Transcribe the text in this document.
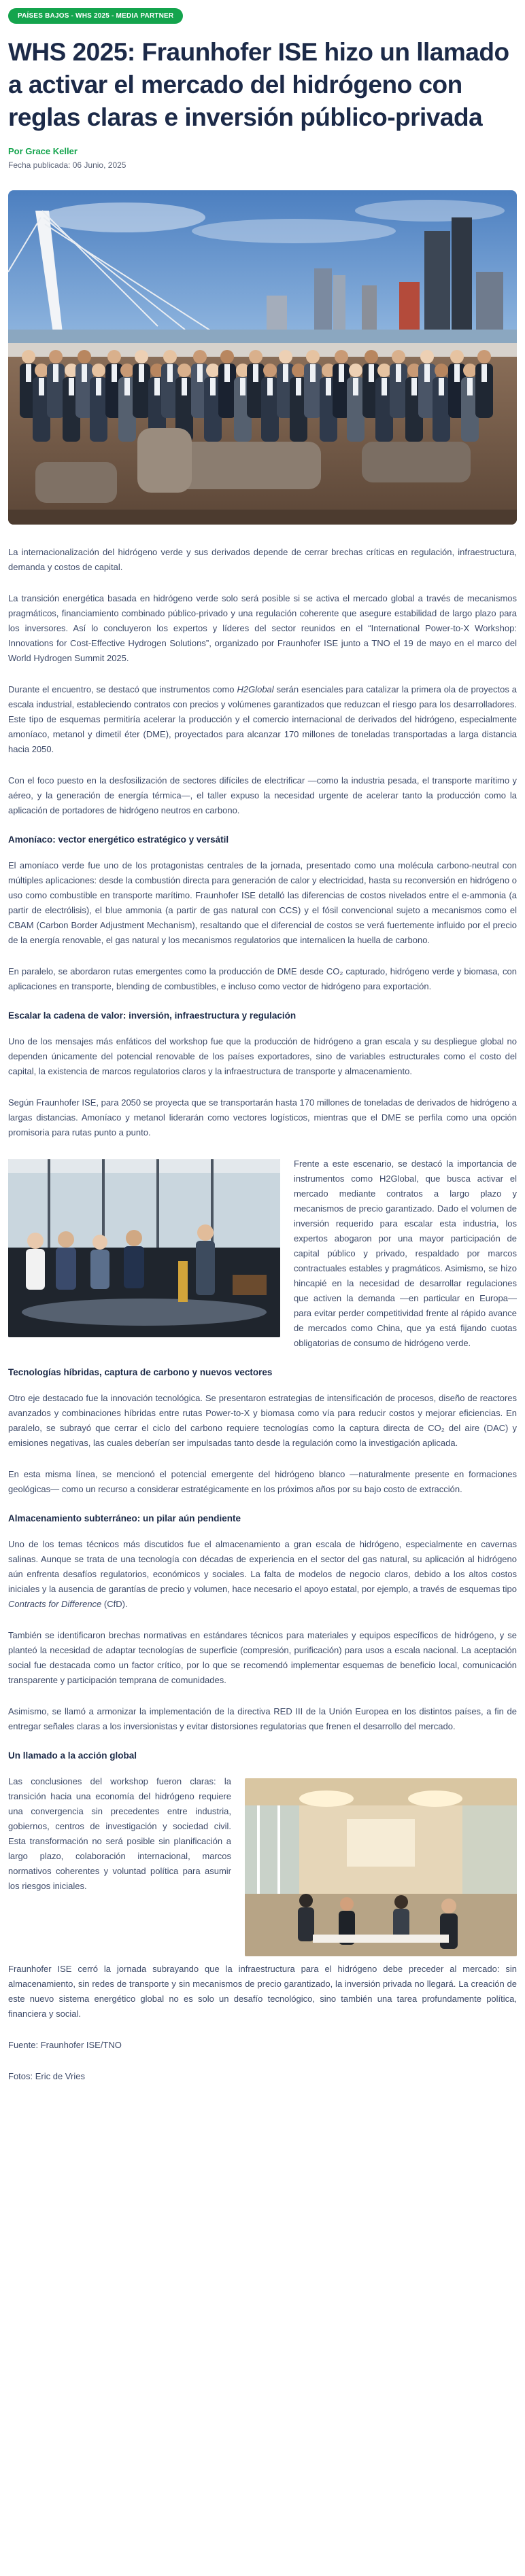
PAÍSES BAJOS - WHS 2025 - MEDIA PARTNER
WHS 2025: Fraunhofer ISE hizo un llamado a activar el mercado del hidrógeno con reglas claras e inversión público-privada
Por Grace Keller
Fecha publicada: 06 Junio, 2025

La internacionalización del hidrógeno verde y sus derivados depende de cerrar brechas críticas en regulación, infraestructura, demanda y costos de capital.

La transición energética basada en hidrógeno verde solo será posible si se activa el mercado global a través de mecanismos pragmáticos, financiamiento combinado público-privado y una regulación coherente que asegure estabilidad de largo plazo para los inversores. Así lo concluyeron los expertos y líderes del sector reunidos en el “International Power-to-X Workshop: Innovations for Cost-Effective Hydrogen Solutions”, organizado por Fraunhofer ISE junto a TNO el 19 de mayo en el marco del World Hydrogen Summit 2025.

Durante el encuentro, se destacó que instrumentos como H2Global serán esenciales para catalizar la primera ola de proyectos a escala industrial, estableciendo contratos con precios y volúmenes garantizados que reduzcan el riesgo para los desarrolladores. Este tipo de esquemas permitiría acelerar la producción y el comercio internacional de derivados del hidrógeno, especialmente amoníaco, metanol y dimetil éter (DME), proyectados para alcanzar 170 millones de toneladas transportadas a larga distancia hacia 2050.

Con el foco puesto en la desfosilización de sectores difíciles de electrificar —como la industria pesada, el transporte marítimo y aéreo, y la generación de energía térmica—, el taller expuso la necesidad urgente de acelerar tanto la producción como la aplicación de portadores de hidrógeno neutros en carbono.

Amoníaco: vector energético estratégico y versátil

El amoníaco verde fue uno de los protagonistas centrales de la jornada, presentado como una molécula carbono-neutral con múltiples aplicaciones: desde la combustión directa para generación de calor y electricidad, hasta su reconversión en hidrógeno o uso como combustible en transporte marítimo. Fraunhofer ISE detalló las diferencias de costos nivelados entre el e-ammonia (a partir de electrólisis), el blue ammonia (a partir de gas natural con CCS) y el fósil convencional sujeto a mecanismos como el CBAM (Carbon Border Adjustment Mechanism), resaltando que el diferencial de costos se verá fuertemente influido por el precio de la energía renovable, el gas natural y los mecanismos regulatorios que internalicen la huella de carbono.

En paralelo, se abordaron rutas emergentes como la producción de DME desde CO₂ capturado, hidrógeno verde y biomasa, con aplicaciones en transporte, blending de combustibles, e incluso como vector de hidrógeno para exportación.

Escalar la cadena de valor: inversión, infraestructura y regulación

Uno de los mensajes más enfáticos del workshop fue que la producción de hidrógeno a gran escala y su despliegue global no dependen únicamente del potencial renovable de los países exportadores, sino de variables estructurales como el costo del capital, la existencia de marcos regulatorios claros y la infraestructura de transporte y almacenamiento.

Según Fraunhofer ISE, para 2050 se proyecta que se transportarán hasta 170 millones de toneladas de derivados de hidrógeno a largas distancias. Amoníaco y metanol liderarán como vectores logísticos, mientras que el DME se perfila como una opción promisoria para rutas punto a punto.

Frente a este escenario, se destacó la importancia de instrumentos como H2Global, que busca activar el mercado mediante contratos a largo plazo y mecanismos de precio garantizado. Dado el volumen de inversión requerido para escalar esta industria, los expertos abogaron por una mayor participación de capital público y privado, respaldado por marcos contractuales estables y pragmáticos. Asimismo, se hizo hincapié en la necesidad de desarrollar regulaciones que activen la demanda —en particular en Europa— para evitar perder competitividad frente al rápido avance de mercados como China, que ya está fijando cuotas obligatorias de consumo de hidrógeno verde.

Tecnologías híbridas, captura de carbono y nuevos vectores

Otro eje destacado fue la innovación tecnológica. Se presentaron estrategias de intensificación de procesos, diseño de reactores avanzados y combinaciones híbridas entre rutas Power-to-X y biomasa como vía para reducir costos y mejorar eficiencias. En paralelo, se subrayó que cerrar el ciclo del carbono requiere tecnologías como la captura directa de CO₂ del aire (DAC) y emisiones negativas, las cuales deberían ser impulsadas tanto desde la regulación como la investigación aplicada.

En esta misma línea, se mencionó el potencial emergente del hidrógeno blanco —naturalmente presente en formaciones geológicas— como un recurso a considerar estratégicamente en los próximos años por su bajo costo de extracción.

Almacenamiento subterráneo: un pilar aún pendiente

Uno de los temas técnicos más discutidos fue el almacenamiento a gran escala de hidrógeno, especialmente en cavernas salinas. Aunque se trata de una tecnología con décadas de experiencia en el sector del gas natural, su aplicación al hidrógeno aún enfrenta desafíos regulatorios, económicos y sociales. La falta de modelos de negocio claros, debido a los altos costos iniciales y la ausencia de garantías de precio y volumen, hace necesario el apoyo estatal, por ejemplo, a través de esquemas tipo Contracts for Difference (CfD).

También se identificaron brechas normativas en estándares técnicos para materiales y equipos específicos de hidrógeno, y se planteó la necesidad de adaptar tecnologías de superficie (compresión, purificación) para usos a escala nacional. La aceptación social fue destacada como un factor crítico, por lo que se recomendó implementar esquemas de beneficio local, comunicación transparente y participación temprana de comunidades.

Asimismo, se llamó a armonizar la implementación de la directiva RED III de la Unión Europea en los distintos países, a fin de entregar señales claras a los inversionistas y evitar distorsiones regulatorias que frenen el desarrollo del mercado.

Un llamado a la acción global

Las conclusiones del workshop fueron claras: la transición hacia una economía del hidrógeno requiere una convergencia sin precedentes entre industria, gobiernos, centros de investigación y sociedad civil. Esta transformación no será posible sin planificación a largo plazo, colaboración internacional, marcos normativos coherentes y voluntad política para asumir los riesgos iniciales.

Fraunhofer ISE cerró la jornada subrayando que la infraestructura para el hidrógeno debe preceder al mercado: sin almacenamiento, sin redes de transporte y sin mecanismos de precio garantizado, la inversión privada no llegará. La creación de este nuevo sistema energético global no es solo un desafío tecnológico, sino también una tarea profundamente política, financiera y social.

Fuente: Fraunhofer ISE/TNO

Fotos: Eric de Vries
